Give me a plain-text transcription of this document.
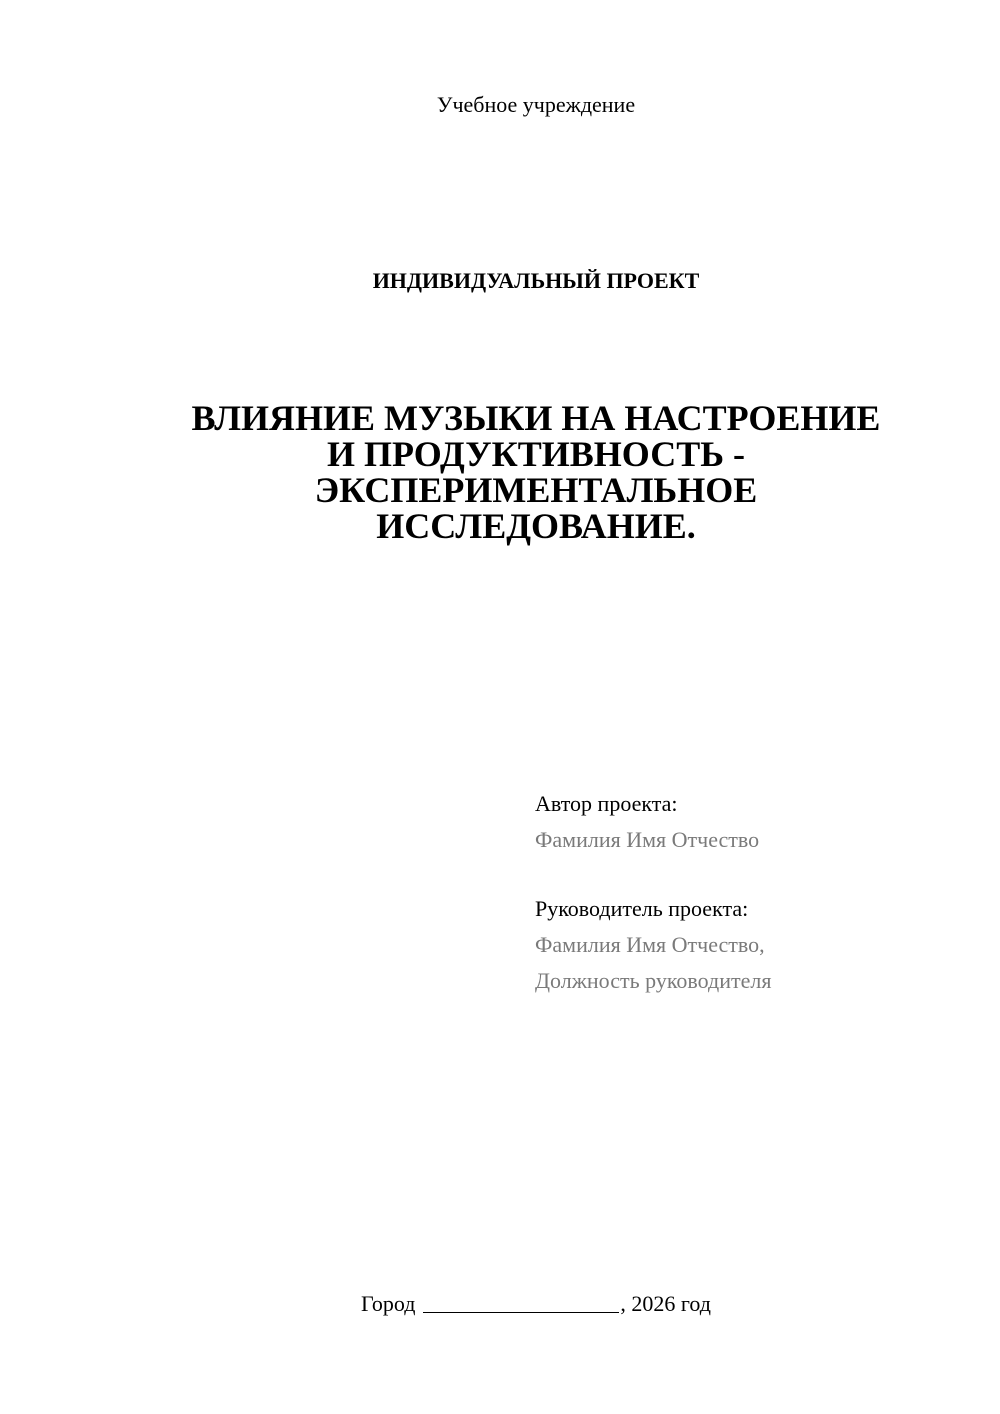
Учебное учреждение
ИНДИВИДУАЛЬНЫЙ ПРОЕКТ
ВЛИЯНИЕ МУЗЫКИ НА НАСТРОЕНИЕ
И ПРОДУКТИВНОСТЬ -
ЭКСПЕРИМЕНТАЛЬНОЕ
ИССЛЕДОВАНИЕ.
Автор проекта:
Фамилия Имя Отчество
Руководитель проекта:
Фамилия Имя Отчество,
Должность руководителя
Город	, 2026 год
